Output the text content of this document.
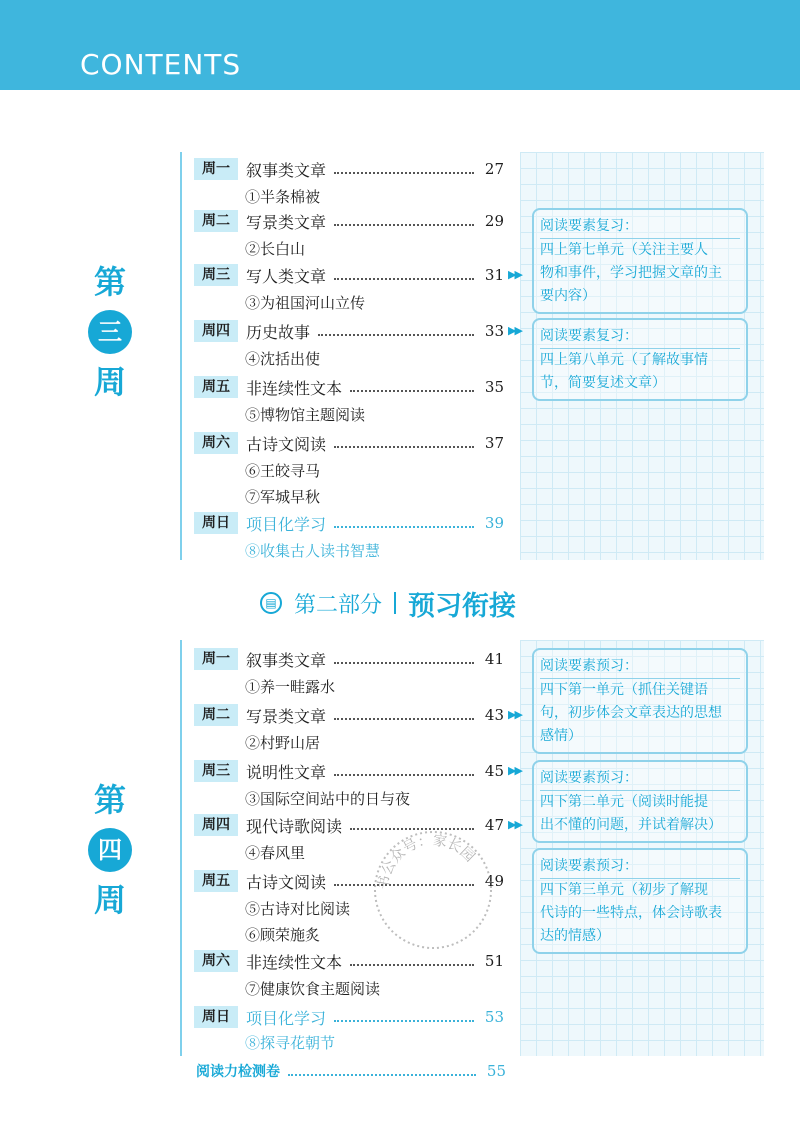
CONTENTS
第
三
周
周一	叙事类文章	27
①半条棉被
周二	写景类文章	29
②长白山
周三	写人类文章	31 ▶▶
③为祖国河山立传
周四	历史故事	33 ▶▶
④沈括出使
周五	非连续性文本	35
⑤博物馆主题阅读
周六	古诗文阅读	37
⑥王皎寻马
⑦军城早秋
周日	项目化学习	39
⑧收集古人读书智慧
阅读要素复习：
四上第七单元（关注主要人
物和事件，学习把握文章的主
要内容）
阅读要素复习：
四上第八单元（了解故事情
节，简要复述文章）
▤ 第二部分 预习衔接
第
四
周
周一	叙事类文章	41
①养一畦露水
周二	写景类文章	43 ▶▶
②村野山居
周三	说明性文章	45 ▶▶
③国际空间站中的日与夜
周四	现代诗歌阅读	47 ▶▶
④春风里
周五	古诗文阅读	49
⑤古诗对比阅读
⑥顾荣施炙
周六	非连续性文本	51
⑦健康饮食主题阅读
周日	项目化学习	53
⑧探寻花朝节
阅读要素预习：
四下第一单元（抓住关键语
句，初步体会文章表达的思想
感情）
阅读要素预习：
四下第二单元（阅读时能提
出不懂的问题，并试着解决）
阅读要素预习：
四下第三单元（初步了解现
代诗的一些特点，体会诗歌表
达的情感）
阅读力检测卷	55
书公众号：家长园
